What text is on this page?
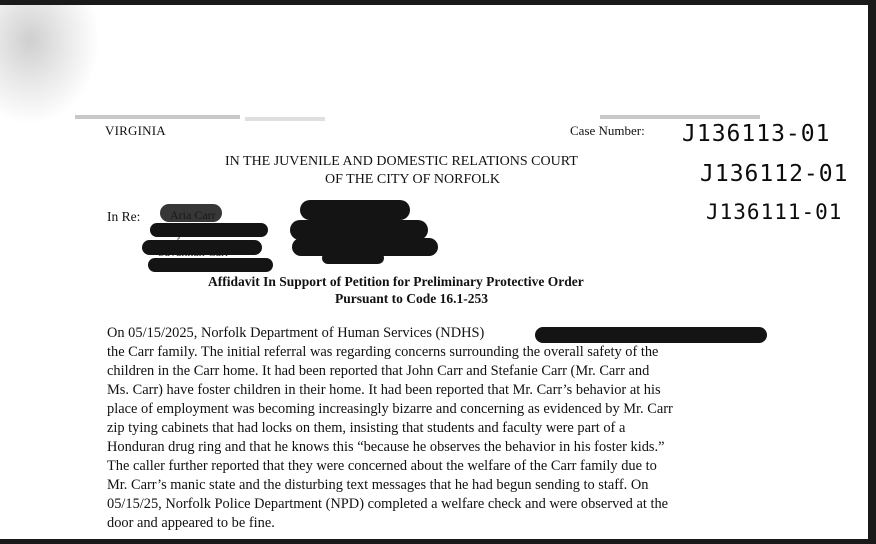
VIRGINIA	Case Number: J136113-01
J136112-01
J136111-01
IN THE JUVENILE AND DOMESTIC RELATIONS COURT
OF THE CITY OF NORFOLK
In Re:
Affidavit In Support of Petition for Preliminary Protective Order
Pursuant to Code 16.1-253
On 05/15/2025, Norfolk Department of Human Services (NDHS)
the Carr family. The initial referral was regarding concerns surrounding the overall safety of the
children in the Carr home. It had been reported that John Carr and Stefanie Carr (Mr. Carr and
Ms. Carr) have foster children in their home. It had been reported that Mr. Carr’s behavior at his
place of employment was becoming increasingly bizarre and concerning as evidenced by Mr. Carr
zip tying cabinets that had locks on them, insisting that students and faculty were part of a
Honduran drug ring and that he knows this “because he observes the behavior in his foster kids.”
The caller further reported that they were concerned about the welfare of the Carr family due to
Mr. Carr’s manic state and the disturbing text messages that he had begun sending to staff. On
05/15/25, Norfolk Police Department (NPD) completed a welfare check and were observed at the
door and appeared to be fine.
